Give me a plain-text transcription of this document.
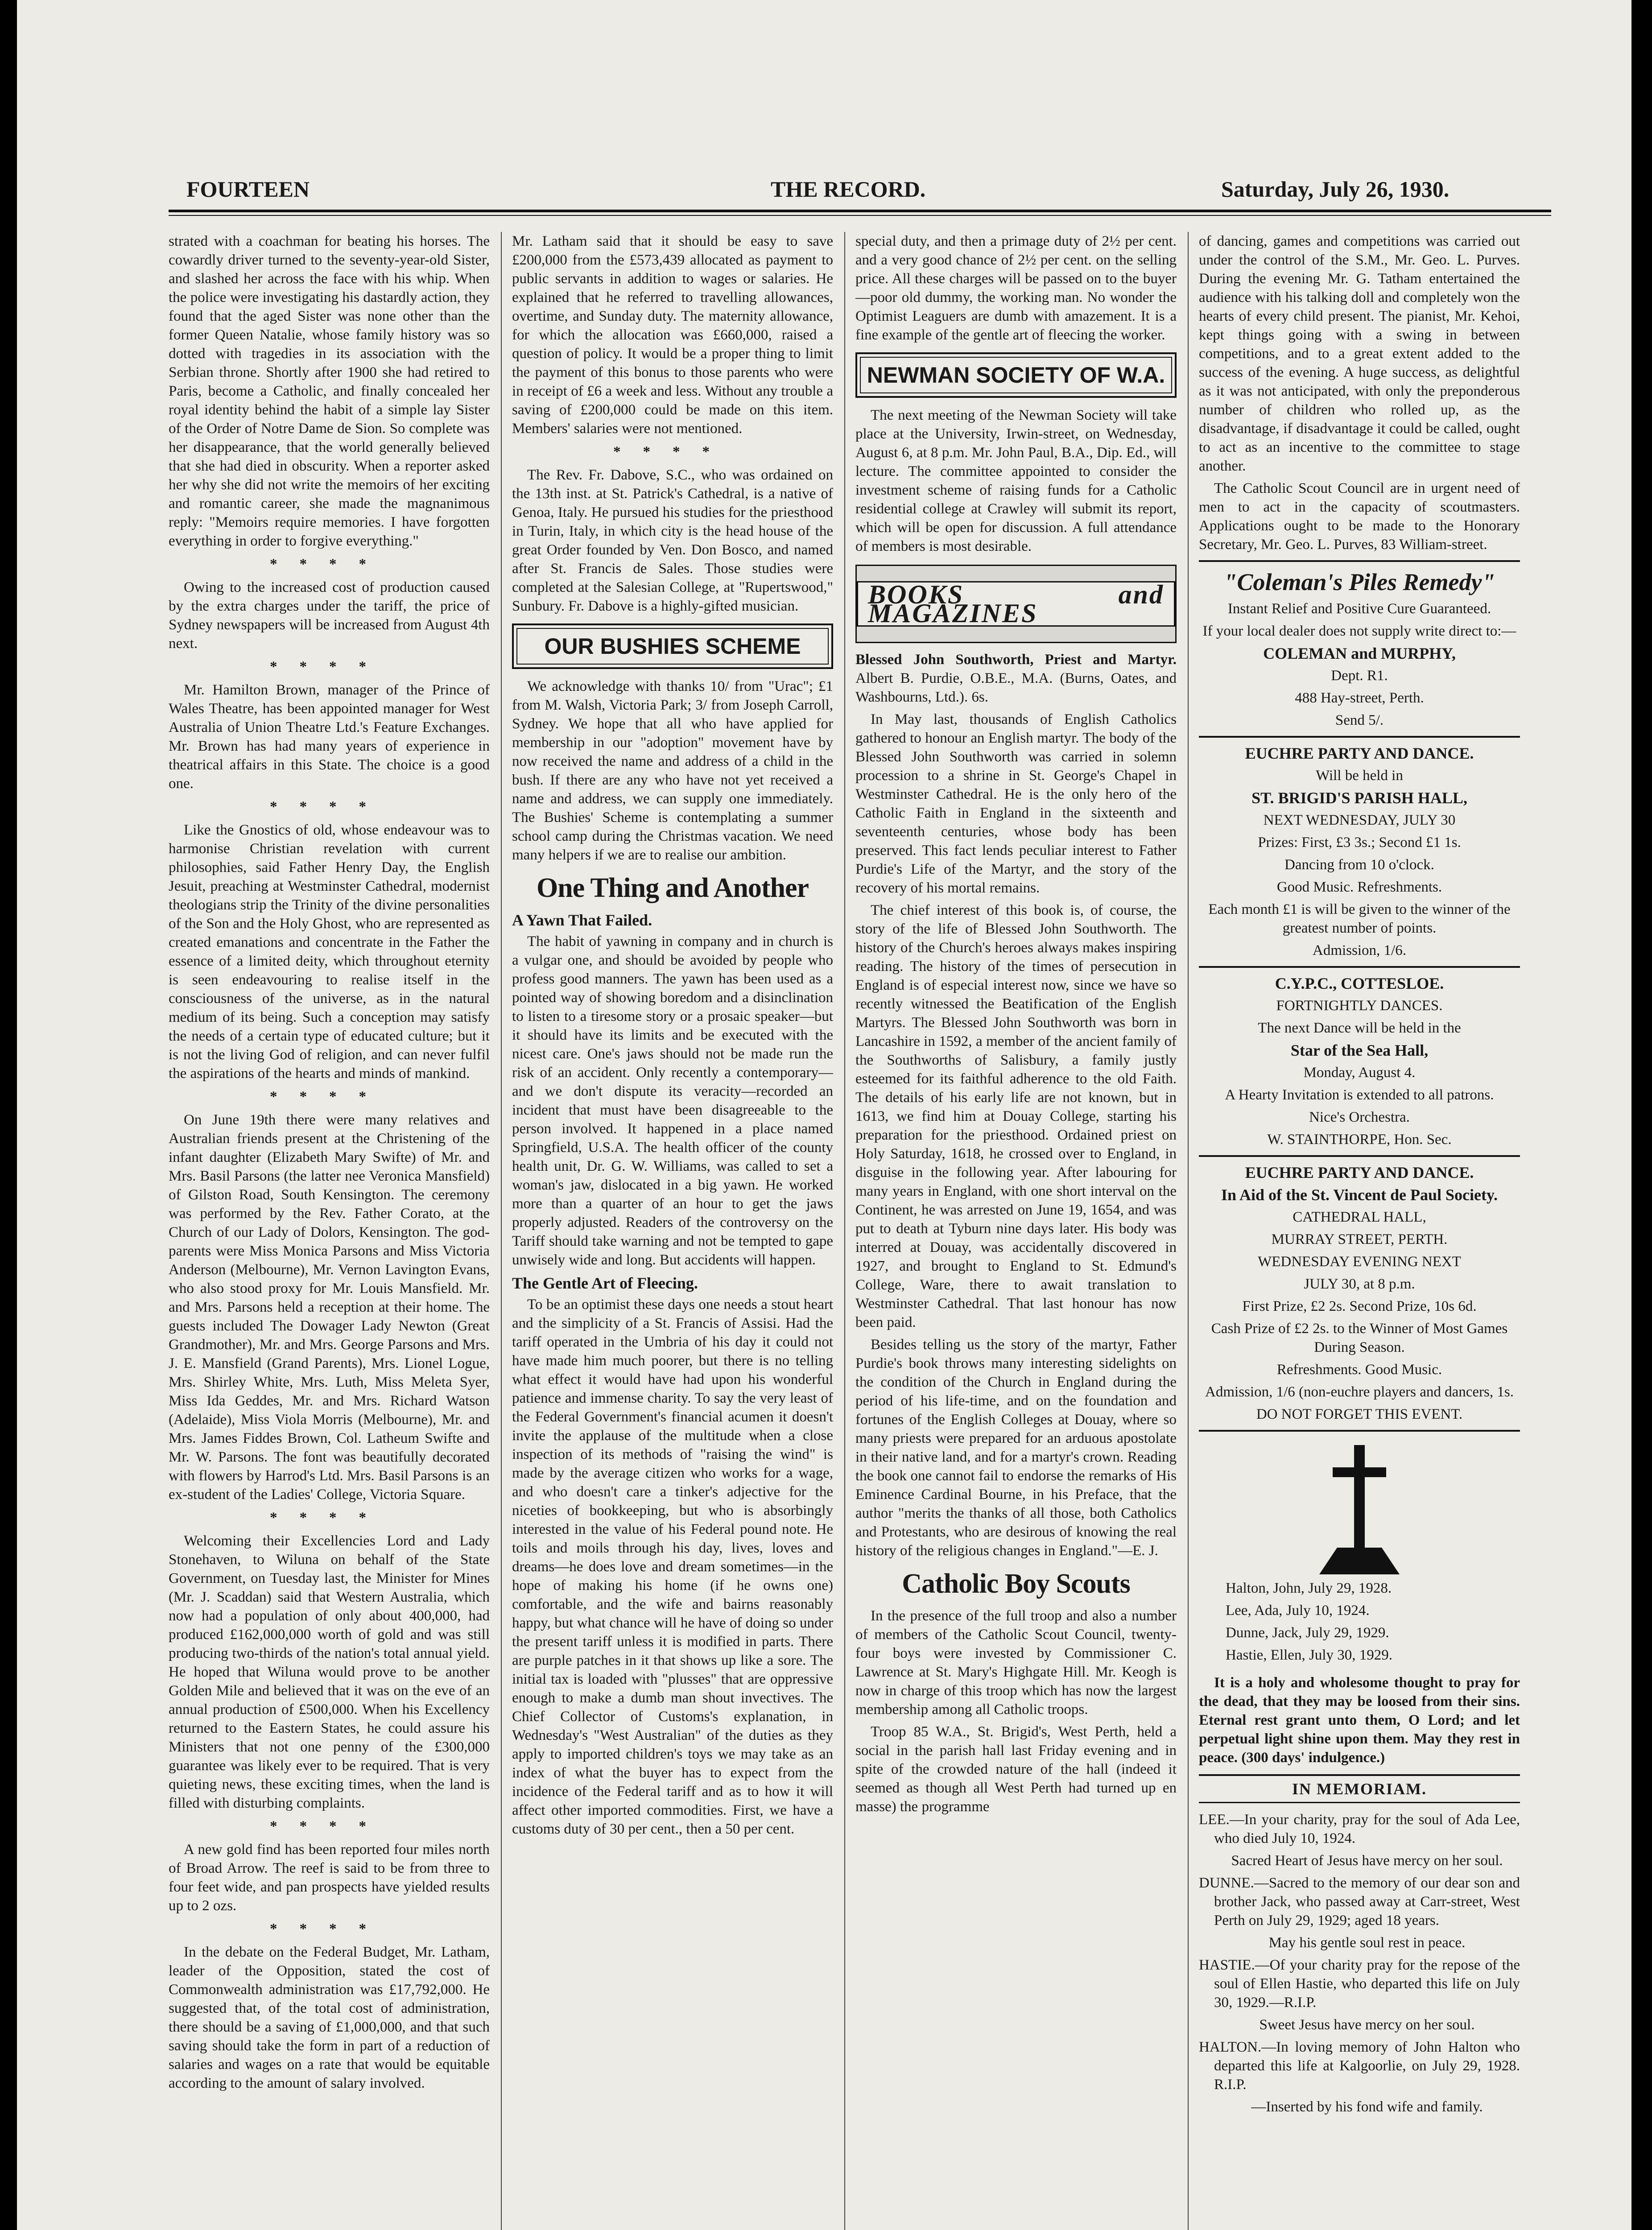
FOURTEEN	THE RECORD.	Saturday, July 26, 1930.

strated with a coachman for beating his horses. The cowardly driver turned to the seventy-year-old Sister, and slashed her across the face with his whip. When the police were investigating his dastardly action, they found that the aged Sister was none other than the former Queen Natalie, whose family history was so dotted with tragedies in its association with the Serbian throne. Shortly after 1900 she had retired to Paris, become a Catholic, and finally concealed her royal identity behind the habit of a simple lay Sister of the Order of Notre Dame de Sion. So complete was her disappearance, that the world generally believed that she had died in obscurity. When a reporter asked her why she did not write the memoirs of her exciting and romantic career, she made the magnanimous reply: "Memoirs require memories. I have forgotten everything in order to forgive everything."

****

Owing to the increased cost of production caused by the extra charges under the tariff, the price of Sydney newspapers will be increased from August 4th next.

****

Mr. Hamilton Brown, manager of the Prince of Wales Theatre, has been appointed manager for West Australia of Union Theatre Ltd.'s Feature Exchanges. Mr. Brown has had many years of experience in theatrical affairs in this State. The choice is a good one.

****

Like the Gnostics of old, whose endeavour was to harmonise Christian revelation with current philosophies, said Father Henry Day, the English Jesuit, preaching at Westminster Cathedral, modernist theologians strip the Trinity of the divine personalities of the Son and the Holy Ghost, who are represented as created emanations and concentrate in the Father the essence of a limited deity, which throughout eternity is seen endeavouring to realise itself in the consciousness of the universe, as in the natural medium of its being. Such a conception may satisfy the needs of a certain type of educated culture; but it is not the living God of religion, and can never fulfil the aspirations of the hearts and minds of mankind.

****

On June 19th there were many relatives and Australian friends present at the Christening of the infant daughter (Elizabeth Mary Swifte) of Mr. and Mrs. Basil Parsons (the latter nee Veronica Mansfield) of Gilston Road, South Kensington. The ceremony was performed by the Rev. Father Corato, at the Church of our Lady of Dolors, Kensington. The god-parents were Miss Monica Parsons and Miss Victoria Anderson (Melbourne), Mr. Vernon Lavington Evans, who also stood proxy for Mr. Louis Mansfield. Mr. and Mrs. Parsons held a reception at their home. The guests included The Dowager Lady Newton (Great Grandmother), Mr. and Mrs. George Parsons and Mrs. J. E. Mansfield (Grand Parents), Mrs. Lionel Logue, Mrs. Shirley White, Mrs. Luth, Miss Meleta Syer, Miss Ida Geddes, Mr. and Mrs. Richard Watson (Adelaide), Miss Viola Morris (Melbourne), Mr. and Mrs. James Fiddes Brown, Col. Latheum Swifte and Mr. W. Parsons. The font was beautifully decorated with flowers by Harrod's Ltd. Mrs. Basil Parsons is an ex-student of the Ladies' College, Victoria Square.

****

Welcoming their Excellencies Lord and Lady Stonehaven, to Wiluna on behalf of the State Government, on Tuesday last, the Minister for Mines (Mr. J. Scaddan) said that Western Australia, which now had a population of only about 400,000, had produced £162,000,000 worth of gold and was still producing two-thirds of the nation's total annual yield. He hoped that Wiluna would prove to be another Golden Mile and believed that it was on the eve of an annual production of £500,000. When his Excellency returned to the Eastern States, he could assure his Ministers that not one penny of the £300,000 guarantee was likely ever to be required. That is very quieting news, these exciting times, when the land is filled with disturbing complaints.

****

A new gold find has been reported four miles north of Broad Arrow. The reef is said to be from three to four feet wide, and pan prospects have yielded results up to 2 ozs.

****

In the debate on the Federal Budget, Mr. Latham, leader of the Opposition, stated the cost of Commonwealth administration was £17,792,000. He suggested that, of the total cost of administration, there should be a saving of £1,000,000, and that such saving should take the form in part of a reduction of salaries and wages on a rate that would be equitable according to the amount of salary involved.

Mr. Latham said that it should be easy to save £200,000 from the £573,439 allocated as payment to public servants in addition to wages or salaries. He explained that he referred to travelling allowances, overtime, and Sunday duty. The maternity allowance, for which the allocation was £660,000, raised a question of policy. It would be a proper thing to limit the payment of this bonus to those parents who were in receipt of £6 a week and less. Without any trouble a saving of £200,000 could be made on this item. Members' salaries were not mentioned.

****

The Rev. Fr. Dabove, S.C., who was ordained on the 13th inst. at St. Patrick's Cathedral, is a native of Genoa, Italy. He pursued his studies for the priesthood in Turin, Italy, in which city is the head house of the great Order founded by Ven. Don Bosco, and named after St. Francis de Sales. Those studies were completed at the Salesian College, at "Rupertswood," Sunbury. Fr. Dabove is a highly-gifted musician.

OUR BUSHIES SCHEME

We acknowledge with thanks 10/ from "Urac"; £1 from M. Walsh, Victoria Park; 3/ from Joseph Carroll, Sydney. We hope that all who have applied for membership in our "adoption" movement have by now received the name and address of a child in the bush. If there are any who have not yet received a name and address, we can supply one immediately. The Bushies' Scheme is contemplating a summer school camp during the Christmas vacation. We need many helpers if we are to realise our ambition.

One Thing and Another
A Yawn That Failed.

The habit of yawning in company and in church is a vulgar one, and should be avoided by people who profess good manners. The yawn has been used as a pointed way of showing boredom and a disinclination to listen to a tiresome story or a prosaic speaker—but it should have its limits and be executed with the nicest care. One's jaws should not be made run the risk of an accident. Only recently a contemporary—and we don't dispute its veracity—recorded an incident that must have been disagreeable to the person involved. It happened in a place named Springfield, U.S.A. The health officer of the county health unit, Dr. G. W. Williams, was called to set a woman's jaw, dislocated in a big yawn. He worked more than a quarter of an hour to get the jaws properly adjusted. Readers of the controversy on the Tariff should take warning and not be tempted to gape unwisely wide and long. But accidents will happen.

The Gentle Art of Fleecing.

To be an optimist these days one needs a stout heart and the simplicity of a St. Francis of Assisi. Had the tariff operated in the Umbria of his day it could not have made him much poorer, but there is no telling what effect it would have had upon his wonderful patience and immense charity. To say the very least of the Federal Government's financial acumen it doesn't invite the applause of the multitude when a close inspection of its methods of "raising the wind" is made by the average citizen who works for a wage, and who doesn't care a tinker's adjective for the niceties of bookkeeping, but who is absorbingly interested in the value of his Federal pound note. He toils and moils through his day, lives, loves and dreams—he does love and dream sometimes—in the hope of making his home (if he owns one) comfortable, and the wife and bairns reasonably happy, but what chance will he have of doing so under the present tariff unless it is modified in parts. There are purple patches in it that shows up like a sore. The initial tax is loaded with "plusses" that are oppressive enough to make a dumb man shout invectives. The Chief Collector of Customs's explanation, in Wednesday's "West Australian" of the duties as they apply to imported children's toys we may take as an index of what the buyer has to expect from the incidence of the Federal tariff and as to how it will affect other imported commodities. First, we have a customs duty of 30 per cent., then a 50 per cent.

special duty, and then a primage duty of 2½ per cent. and a very good chance of 2½ per cent. on the selling price. All these charges will be passed on to the buyer—poor old dummy, the working man. No wonder the Optimist Leaguers are dumb with amazement. It is a fine example of the gentle art of fleecing the worker.

NEWMAN SOCIETY OF W.A.

The next meeting of the Newman Society will take place at the University, Irwin-street, on Wednesday, August 6, at 8 p.m. Mr. John Paul, B.A., Dip. Ed., will lecture. The committee appointed to consider the investment scheme of raising funds for a Catholic residential college at Crawley will submit its report, which will be open for discussion. A full attendance of members is most desirable.

BOOKS and MAGAZINES

Blessed John Southworth, Priest and Martyr. Albert B. Purdie, O.B.E., M.A. (Burns, Oates, and Washbourns, Ltd.). 6s.

In May last, thousands of English Catholics gathered to honour an English martyr. The body of the Blessed John Southworth was carried in solemn procession to a shrine in St. George's Chapel in Westminster Cathedral. He is the only hero of the Catholic Faith in England in the sixteenth and seventeenth centuries, whose body has been preserved. This fact lends peculiar interest to Father Purdie's Life of the Martyr, and the story of the recovery of his mortal remains.

The chief interest of this book is, of course, the story of the life of Blessed John Southworth. The history of the Church's heroes always makes inspiring reading. The history of the times of persecution in England is of especial interest now, since we have so recently witnessed the Beatification of the English Martyrs. The Blessed John Southworth was born in Lancashire in 1592, a member of the ancient family of the Southworths of Salisbury, a family justly esteemed for its faithful adherence to the old Faith. The details of his early life are not known, but in 1613, we find him at Douay College, starting his preparation for the priesthood. Ordained priest on Holy Saturday, 1618, he crossed over to England, in disguise in the following year. After labouring for many years in England, with one short interval on the Continent, he was arrested on June 19, 1654, and was put to death at Tyburn nine days later. His body was interred at Douay, was accidentally discovered in 1927, and brought to England to St. Edmund's College, Ware, there to await translation to Westminster Cathedral. That last honour has now been paid.

Besides telling us the story of the martyr, Father Purdie's book throws many interesting sidelights on the condition of the Church in England during the period of his life-time, and on the foundation and fortunes of the English Colleges at Douay, where so many priests were prepared for an arduous apostolate in their native land, and for a martyr's crown. Reading the book one cannot fail to endorse the remarks of His Eminence Cardinal Bourne, in his Preface, that the author "merits the thanks of all those, both Catholics and Protestants, who are desirous of knowing the real history of the religious changes in England."—E. J.

Catholic Boy Scouts

In the presence of the full troop and also a number of members of the Catholic Scout Council, twenty-four boys were invested by Commissioner C. Lawrence at St. Mary's Highgate Hill. Mr. Keogh is now in charge of this troop which has now the largest membership among all Catholic troops.

Troop 85 W.A., St. Brigid's, West Perth, held a social in the parish hall last Friday evening and in spite of the crowded nature of the hall (indeed it seemed as though all West Perth had turned up en masse) the programme

of dancing, games and competitions was carried out under the control of the S.M., Mr. Geo. L. Purves. During the evening Mr. G. Tatham entertained the audience with his talking doll and completely won the hearts of every child present. The pianist, Mr. Kehoi, kept things going with a swing in between competitions, and to a great extent added to the success of the evening. A huge success, as delightful as it was not anticipated, with only the preponderous number of children who rolled up, as the disadvantage, if disadvantage it could be called, ought to act as an incentive to the committee to stage another.

The Catholic Scout Council are in urgent need of men to act in the capacity of scoutmasters. Applications ought to be made to the Honorary Secretary, Mr. Geo. L. Purves, 83 William-street.

"Coleman's Piles Remedy"

Instant Relief and Positive Cure Guaranteed.

If your local dealer does not supply write direct to:—

COLEMAN and MURPHY,

Dept. R1.

488 Hay-street, Perth.

Send 5/.

EUCHRE PARTY AND DANCE.

Will be held in

ST. BRIGID'S PARISH HALL,

NEXT WEDNESDAY, JULY 30

Prizes: First, £3 3s.; Second £1 1s.

Dancing from 10 o'clock.

Good Music. Refreshments.

Each month £1 is will be given to the winner of the greatest number of points.

Admission, 1/6.

C.Y.P.C., COTTESLOE.

FORTNIGHTLY DANCES.

The next Dance will be held in the

Star of the Sea Hall,

Monday, August 4.

A Hearty Invitation is extended to all patrons.

Nice's Orchestra.

W. STAINTHORPE, Hon. Sec.

EUCHRE PARTY AND DANCE.

In Aid of the St. Vincent de Paul Society.

CATHEDRAL HALL,

MURRAY STREET, PERTH.

WEDNESDAY EVENING NEXT

JULY 30, at 8 p.m.

First Prize, £2 2s. Second Prize, 10s 6d.

Cash Prize of £2 2s. to the Winner of Most Games During Season.

Refreshments. Good Music.

Admission, 1/6 (non-euchre players and dancers, 1s.

DO NOT FORGET THIS EVENT.

Halton, John, July 29, 1928.

Lee, Ada, July 10, 1924.

Dunne, Jack, July 29, 1929.

Hastie, Ellen, July 30, 1929.

It is a holy and wholesome thought to pray for the dead, that they may be loosed from their sins. Eternal rest grant unto them, O Lord; and let perpetual light shine upon them. May they rest in peace. (300 days' indulgence.)

IN MEMORIAM.

LEE.—In your charity, pray for the soul of Ada Lee, who died July 10, 1924.

Sacred Heart of Jesus have mercy on her soul.

DUNNE.—Sacred to the memory of our dear son and brother Jack, who passed away at Carr-street, West Perth on July 29, 1929; aged 18 years.

May his gentle soul rest in peace.

HASTIE.—Of your charity pray for the repose of the soul of Ellen Hastie, who departed this life on July 30, 1929.—R.I.P.

Sweet Jesus have mercy on her soul.

HALTON.—In loving memory of John Halton who departed this life at Kalgoorlie, on July 29, 1928. R.I.P.

—Inserted by his fond wife and family.
